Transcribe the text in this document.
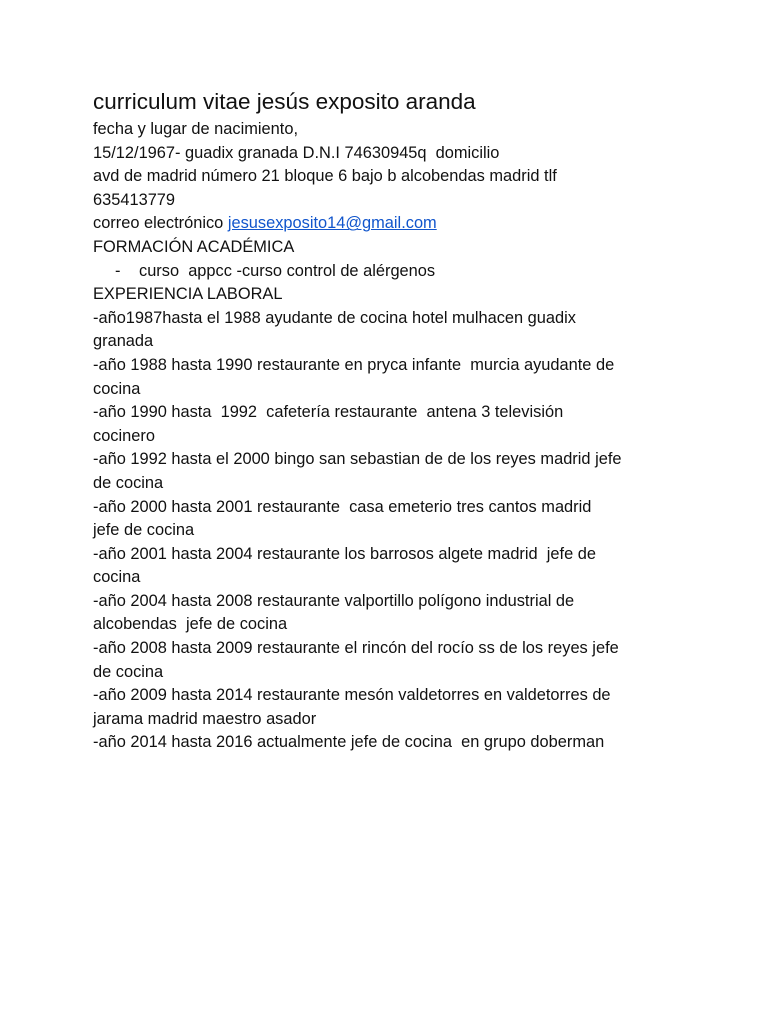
curriculum vitae jesús exposito aranda
fecha y lugar de nacimiento,
15/12/1967- guadix granada D.N.I 74630945q  domicilio
avd de madrid número 21 bloque 6 bajo b alcobendas madrid tlf
635413779
correo electrónico jesusexposito14@gmail.com
FORMACIÓN ACADÉMICA
- curso  appcc -curso control de alérgenos
EXPERIENCIA LABORAL
-año1987hasta el 1988 ayudante de cocina hotel mulhacen guadix
granada
-año 1988 hasta 1990 restaurante en pryca infante  murcia ayudante de
cocina
-año 1990 hasta  1992  cafetería restaurante  antena 3 televisión
cocinero
-año 1992 hasta el 2000 bingo san sebastian de de los reyes madrid jefe
de cocina
-año 2000 hasta 2001 restaurante  casa emeterio tres cantos madrid
jefe de cocina
-año 2001 hasta 2004 restaurante los barrosos algete madrid  jefe de
cocina
-año 2004 hasta 2008 restaurante valportillo polígono industrial de
alcobendas  jefe de cocina
-año 2008 hasta 2009 restaurante el rincón del rocío ss de los reyes jefe
de cocina
-año 2009 hasta 2014 restaurante mesón valdetorres en valdetorres de
jarama madrid maestro asador
-año 2014 hasta 2016 actualmente jefe de cocina  en grupo doberman
